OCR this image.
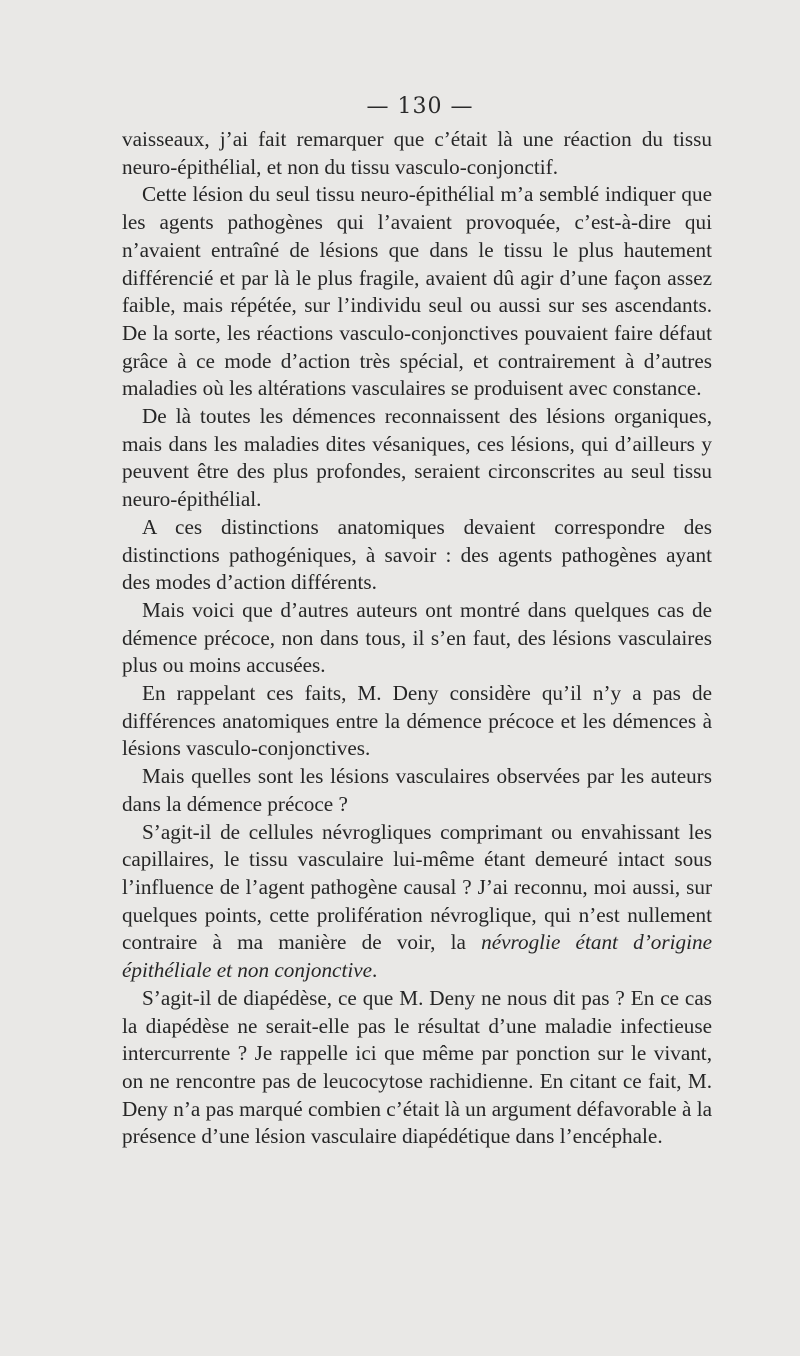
— 130 —

vaisseaux, j’ai fait remarquer que c’était là une réaction du tissu neuro-épithélial, et non du tissu vasculo-conjonctif.

Cette lésion du seul tissu neuro-épithélial m’a semblé indiquer que les agents pathogènes qui l’avaient provoquée, c’est-à-dire qui n’avaient entraîné de lésions que dans le tissu le plus hautement différencié et par là le plus fragile, avaient dû agir d’une façon assez faible, mais répétée, sur l’individu seul ou aussi sur ses ascendants. De la sorte, les réactions vasculo-conjonctives pouvaient faire défaut grâce à ce mode d’action très spécial, et contrairement à d’autres maladies où les altérations vasculaires se produisent avec constance.

De là toutes les démences reconnaissent des lésions organiques, mais dans les maladies dites vésaniques, ces lésions, qui d’ailleurs y peuvent être des plus profondes, seraient circonscrites au seul tissu neuro-épithélial.

A ces distinctions anatomiques devaient correspondre des distinctions pathogéniques, à savoir : des agents pathogènes ayant des modes d’action différents.

Mais voici que d’autres auteurs ont montré dans quelques cas de démence précoce, non dans tous, il s’en faut, des lésions vasculaires plus ou moins accusées.

En rappelant ces faits, M. Deny considère qu’il n’y a pas de différences anatomiques entre la démence précoce et les démences à lésions vasculo-conjonctives.

Mais quelles sont les lésions vasculaires observées par les auteurs dans la démence précoce ?

S’agit-il de cellules névrogliques comprimant ou envahissant les capillaires, le tissu vasculaire lui-même étant demeuré intact sous l’influence de l’agent pathogène causal ? J’ai reconnu, moi aussi, sur quelques points, cette prolifération névroglique, qui n’est nullement contraire à ma manière de voir, la névroglie étant d’origine épithéliale et non conjonctive.

S’agit-il de diapédèse, ce que M. Deny ne nous dit pas ? En ce cas la diapédèse ne serait-elle pas le résultat d’une maladie infectieuse intercurrente ? Je rappelle ici que même par ponction sur le vivant, on ne rencontre pas de leucocytose rachidienne. En citant ce fait, M. Deny n’a pas marqué combien c’était là un argument défavorable à la présence d’une lésion vasculaire diapédétique dans l’encéphale.
